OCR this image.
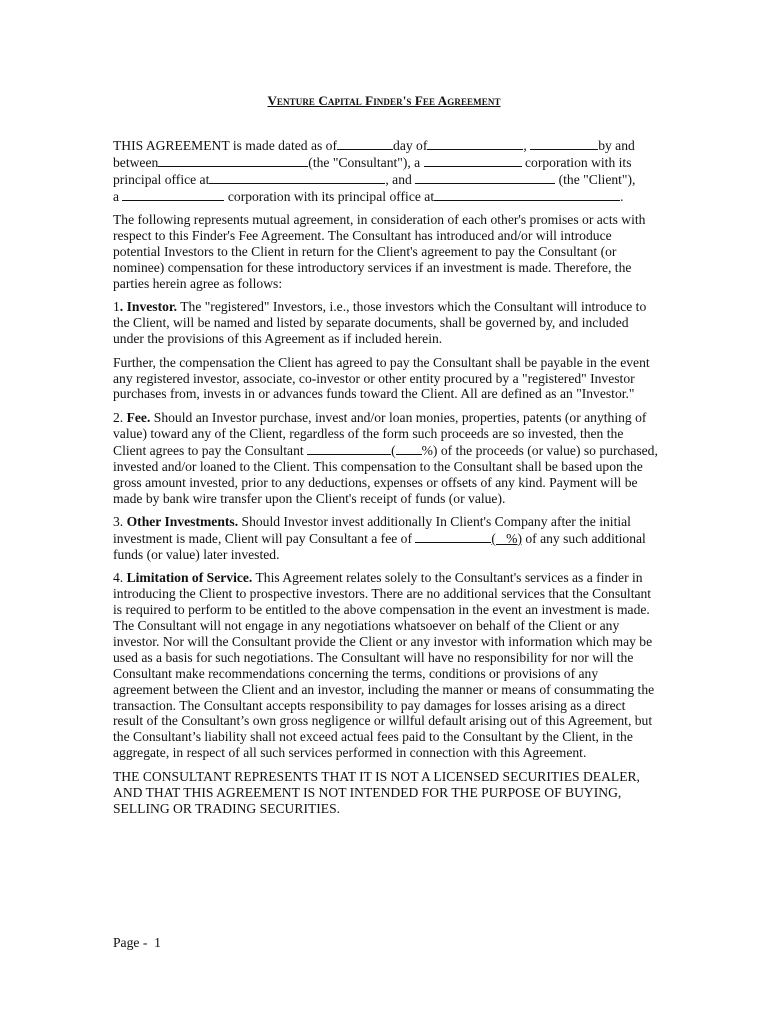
Venture Capital Finder's Fee Agreement

THIS AGREEMENT is made dated as of	day of	,	by and
between	(the "Consultant"), a	corporation with its
principal office at	, and	(the "Client"),
a	corporation with its principal office at	.

The following represents mutual agreement, in consideration of each other's promises or acts with respect to this Finder's Fee Agreement. The Consultant has introduced and/or will introduce potential Investors to the Client in return for the Client's agreement to pay the Consultant (or nominee) compensation for these introductory services if an investment is made. Therefore, the parties herein agree as follows:

1. Investor. The "registered" Investors, i.e., those investors which the Consultant will introduce to the Client, will be named and listed by separate documents, shall be governed by, and included under the provisions of this Agreement as if included herein.

Further, the compensation the Client has agreed to pay the Consultant shall be payable in the event any registered investor, associate, co-investor or other entity procured by a "registered" Investor purchases from, invests in or advances funds toward the Client. All are defined as an "Investor."

2. Fee. Should an Investor purchase, invest and/or loan monies, properties, patents (or anything of value) toward any of the Client, regardless of the form such proceeds are so invested, then the Client agrees to pay the Consultant	( %) of the proceeds (or value) so purchased, invested and/or loaned to the Client. This compensation to the Consultant shall be based upon the gross amount invested, prior to any deductions, expenses or offsets of any kind. Payment will be made by bank wire transfer upon the Client's receipt of funds (or value).

3. Other Investments. Should Investor invest additionally In Client's Company after the initial investment is made, Client will pay Consultant a fee of	(   %) of any such additional funds (or value) later invested.

4. Limitation of Service. This Agreement relates solely to the Consultant's services as a finder in introducing the Client to prospective investors. There are no additional services that the Consultant is required to perform to be entitled to the above compensation in the event an investment is made. The Consultant will not engage in any negotiations whatsoever on behalf of the Client or any investor. Nor will the Consultant provide the Client or any investor with information which may be used as a basis for such negotiations. The Consultant will have no responsibility for nor will the Consultant make recommendations concerning the terms, conditions or provisions of any agreement between the Client and an investor, including the manner or means of consummating the transaction. The Consultant accepts responsibility to pay damages for losses arising as a direct result of the Consultant’s own gross negligence or willful default arising out of this Agreement, but the Consultant’s liability shall not exceed actual fees paid to the Consultant by the Client, in the aggregate, in respect of all such services performed in connection with this Agreement.

THE CONSULTANT REPRESENTS THAT IT IS NOT A LICENSED SECURITIES DEALER, AND THAT THIS AGREEMENT IS NOT INTENDED FOR THE PURPOSE OF BUYING, SELLING OR TRADING SECURITIES.

Page -  1
